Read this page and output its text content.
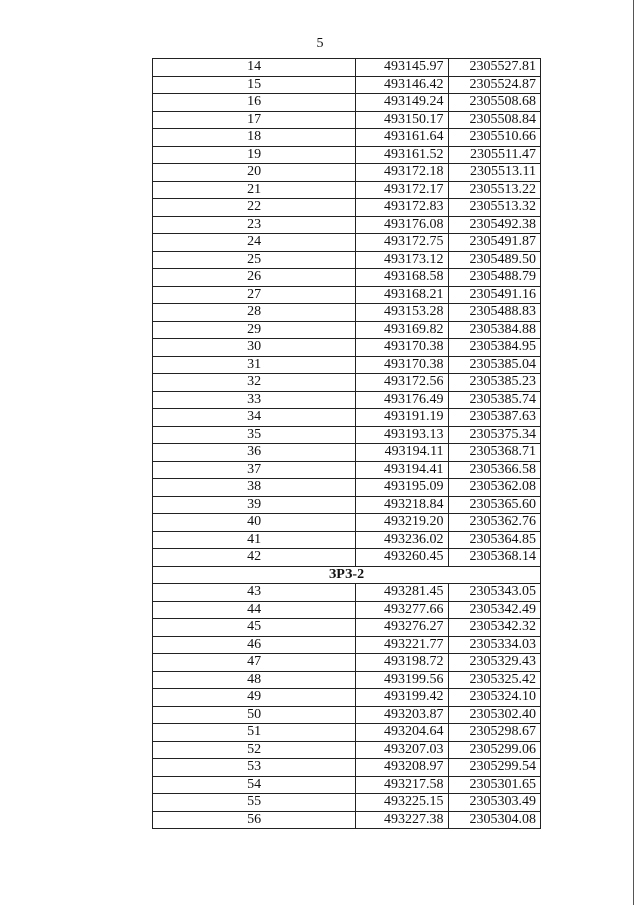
5
14	493145.97	2305527.81
15	493146.42	2305524.87
16	493149.24	2305508.68
17	493150.17	2305508.84
18	493161.64	2305510.66
19	493161.52	2305511.47
20	493172.18	2305513.11
21	493172.17	2305513.22
22	493172.83	2305513.32
23	493176.08	2305492.38
24	493172.75	2305491.87
25	493173.12	2305489.50
26	493168.58	2305488.79
27	493168.21	2305491.16
28	493153.28	2305488.83
29	493169.82	2305384.88
30	493170.38	2305384.95
31	493170.38	2305385.04
32	493172.56	2305385.23
33	493176.49	2305385.74
34	493191.19	2305387.63
35	493193.13	2305375.34
36	493194.11	2305368.71
37	493194.41	2305366.58
38	493195.09	2305362.08
39	493218.84	2305365.60
40	493219.20	2305362.76
41	493236.02	2305364.85
42	493260.45	2305368.14
ЗРЗ-2		
43	493281.45	2305343.05
44	493277.66	2305342.49
45	493276.27	2305342.32
46	493221.77	2305334.03
47	493198.72	2305329.43
48	493199.56	2305325.42
49	493199.42	2305324.10
50	493203.87	2305302.40
51	493204.64	2305298.67
52	493207.03	2305299.06
53	493208.97	2305299.54
54	493217.58	2305301.65
55	493225.15	2305303.49
56	493227.38	2305304.08
